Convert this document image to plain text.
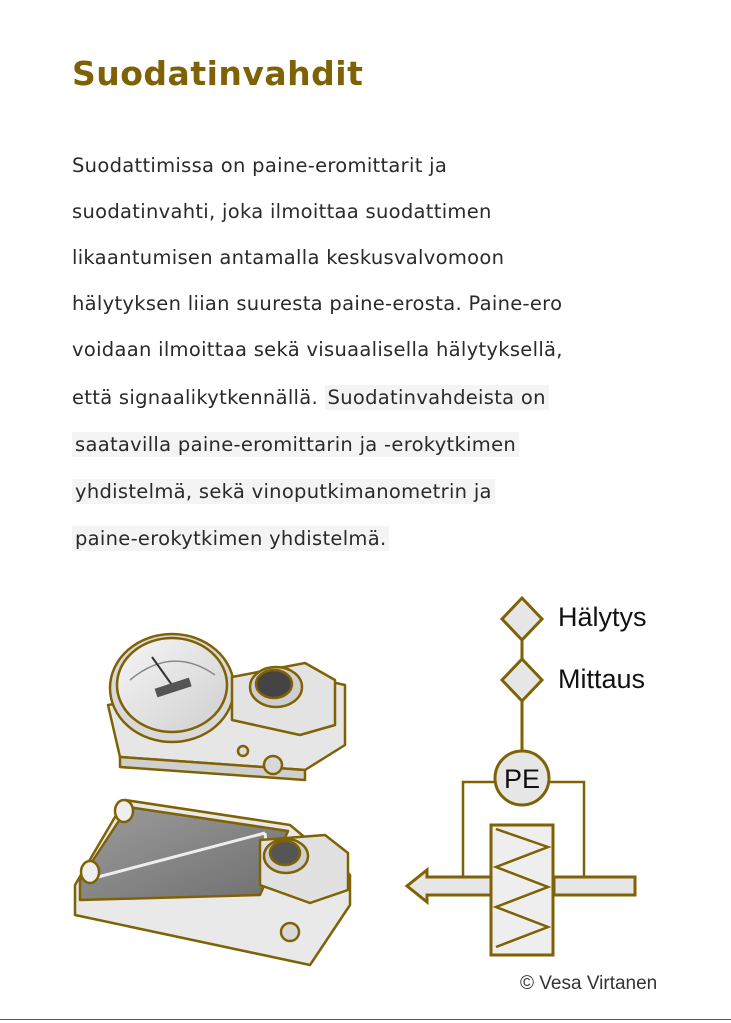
Suodatinvahdit
Suodattimissa on paine-eromittarit ja
suodatinvahti, joka ilmoittaa suodattimen
likaantumisen antamalla keskusvalvomoon
hälytyksen liian suuresta paine-erosta. Paine-ero
voidaan ilmoittaa sekä visuaalisella hälytyksellä,
että signaalikytkennällä. Suodatinvahdeista on
saatavilla paine-eromittarin ja -erokytkimen
yhdistelmä, sekä vinoputkimanometrin ja
paine-erokytkimen yhdistelmä.
Hälytys
Mittaus
PE
© Vesa Virtanen
